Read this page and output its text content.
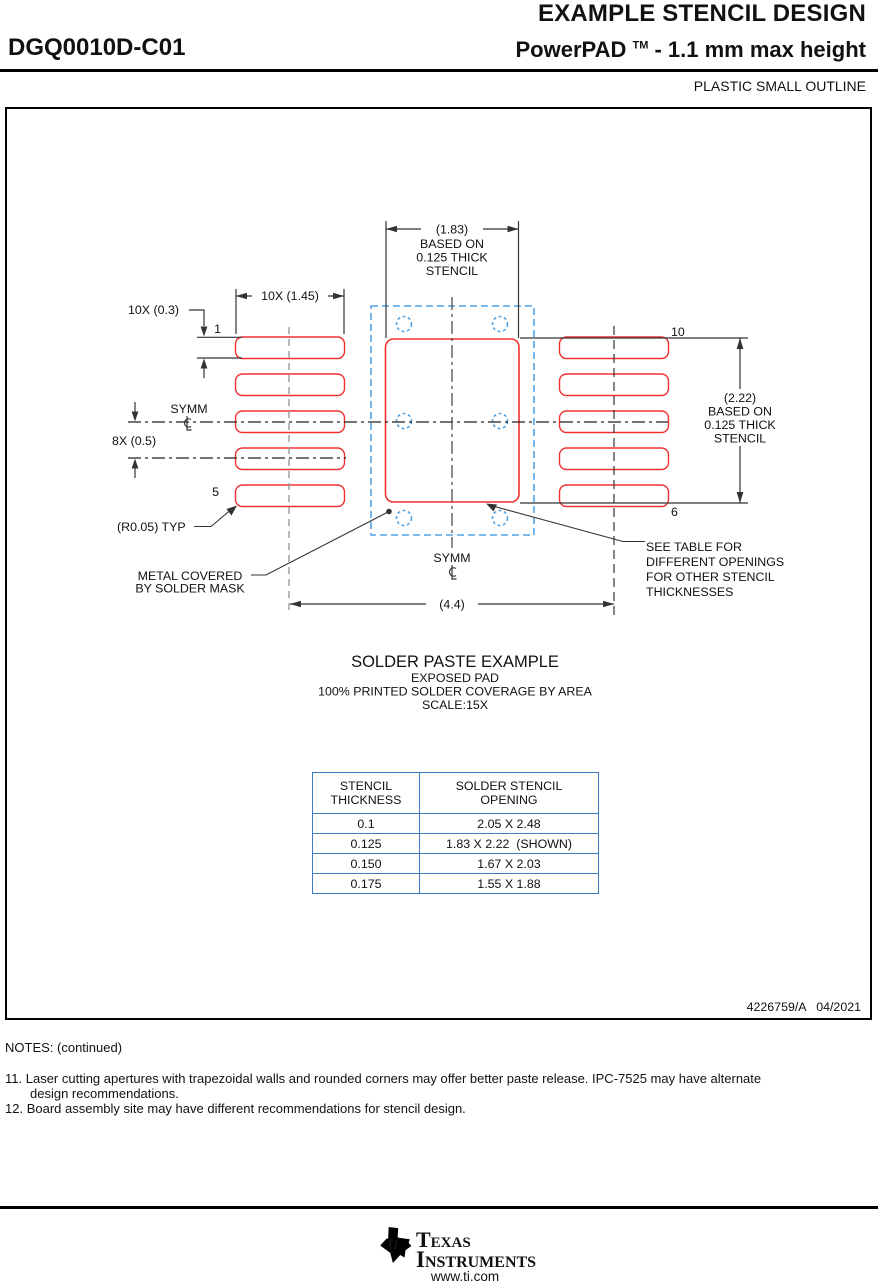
EXAMPLE STENCIL DESIGN
DGQ0010D-C01	PowerPAD ™ - 1.1 mm max height
PLASTIC SMALL OUTLINE
(1.83)
BASED ON
0.125 THICK
STENCIL
10X (1.45)
10X (0.3)
8X (0.5)
SYMM
SYMM
(2.22)
BASED ON
0.125 THICK
STENCIL
(4.4)
1
5
10
6
(R0.05) TYP
METAL COVERED
BY SOLDER MASK
SEE TABLE FOR
DIFFERENT OPENINGS
FOR OTHER STENCIL
THICKNESSES
SOLDER PASTE EXAMPLE
EXPOSED PAD
100% PRINTED SOLDER COVERAGE BY AREA
SCALE:15X
4226759/A   04/2021
STENCIL THICKNESS	SOLDER STENCIL OPENING
0.1	2.05 X 2.48
0.125	1.83 X 2.22  (SHOWN)
0.150	1.67 X 2.03
0.175	1.55 X 1.88
NOTES: (continued)
11. Laser cutting apertures with trapezoidal walls and rounded corners may offer better paste release. IPC-7525 may have alternate
design recommendations.
12. Board assembly site may have different recommendations for stencil design.
ti Texas
Instruments
www.ti.com
